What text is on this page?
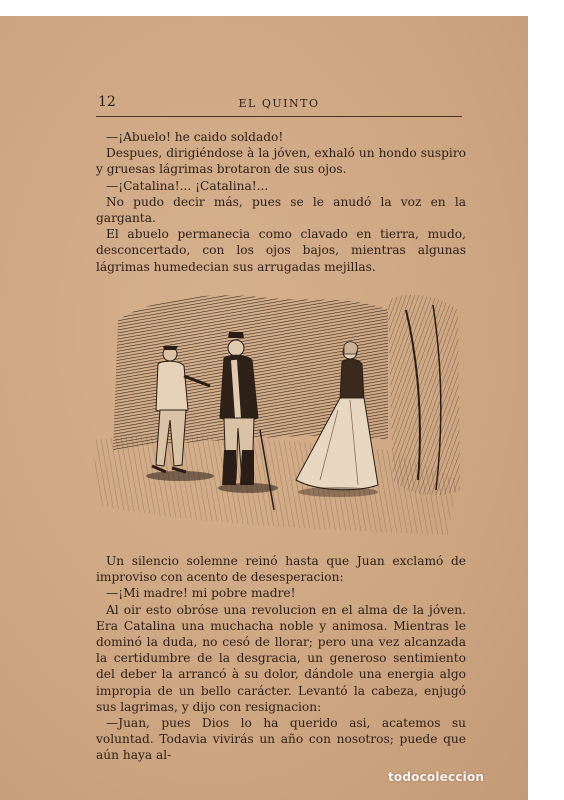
12	EL QUINTO

—¡Abuelo! he caido soldado!

Despues, dirigiéndose à la jóven, exhaló un hondo suspiro y gruesas lágrimas brotaron de sus ojos.

—¡Catalina!... ¡Catalina!...

No pudo decir más, pues se le anudó la voz en la garganta.

El abuelo permanecia como clavado en tierra, mudo, desconcertado, con los ojos bajos, mientras algunas lágrimas humedecian sus arrugadas mejillas.

Un silencio solemne reinó hasta que Juan exclamó de improviso con acento de desesperacion:

—¡Mi madre! mi pobre madre!

Al oir esto obróse una revolucion en el alma de la jóven. Era Catalina una muchacha noble y animosa. Mientras le dominó la duda, no cesó de llorar; pero una vez alcanzada la certidumbre de la desgracia, un generoso sentimiento del deber la arrancó à su dolor, dándole una energia algo impropia de un bello carácter. Levantó la cabeza, enjugó sus lagrimas, y dijo con resignacion:

—Juan, pues Dios lo ha querido asi, acatemos su voluntad. Todavia vivirás un año con nosotros; puede que aún haya al-

todocoleccion
